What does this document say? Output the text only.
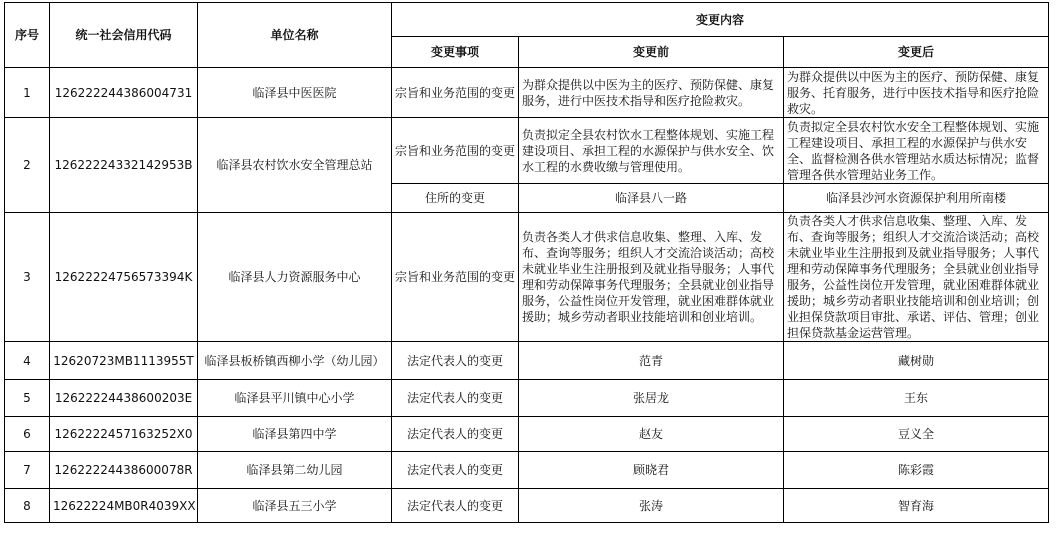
序号	统一社会信用代码	单位名称	变更内容		
			变更事项	变更前	变更后
1	126222244386004731	临泽县中医医院	宗旨和业务范围的变更	为群众提供以中医为主的医疗、预防保健、康复服务，进行中医技术指导和医疗抢险救灾。	为群众提供以中医为主的医疗、预防保健、康复服务、托育服务，进行中医技术指导和医疗抢险救灾。
2	12622224332142953B	临泽县农村饮水安全管理总站	宗旨和业务范围的变更	负责拟定全县农村饮水工程整体规划、实施工程建设项目、承担工程的水源保护与供水安全、饮水工程的水费收缴与管理使用。	负责拟定全县农村饮水安全工程整体规划、实施工程建设项目、承担工程的水源保护与供水安全、监督检测各供水管理站水质达标情况；监督管理各供水管理站业务工作。
			住所的变更	临泽县八一路	临泽县沙河水资源保护利用所南楼
3	12622224756573394K	临泽县人力资源服务中心	宗旨和业务范围的变更	负责各类人才供求信息收集、整理、入库、发布、查询等服务；组织人才交流洽谈活动；高校未就业毕业生注册报到及就业指导服务；人事代理和劳动保障事务代理服务；全县就业创业指导服务，公益性岗位开发管理，就业困难群体就业援助；城乡劳动者职业技能培训和创业培训。	负责各类人才供求信息收集、整理、入库、发布、查询等服务；组织人才交流洽谈活动；高校未就业毕业生注册报到及就业指导服务；人事代理和劳动保障事务代理服务；全县就业创业指导服务，公益性岗位开发管理，就业困难群体就业援助；城乡劳动者职业技能培训和创业培训；创业担保贷款项目审批、承诺、评估、管理；创业担保贷款基金运营管理。
4	12620723MB1113955T	临泽县板桥镇西柳小学（幼儿园）	法定代表人的变更	范青	藏树勋
5	12622224438600203E	临泽县平川镇中心小学	法定代表人的变更	张居龙	王东
6	1262222457163252X0	临泽县第四中学	法定代表人的变更	赵友	豆义全
7	12622224438600078R	临泽县第二幼儿园	法定代表人的变更	顾晓君	陈彩霞
8	12622224MB0R4039XX	临泽县五三小学	法定代表人的变更	张涛	智育海
